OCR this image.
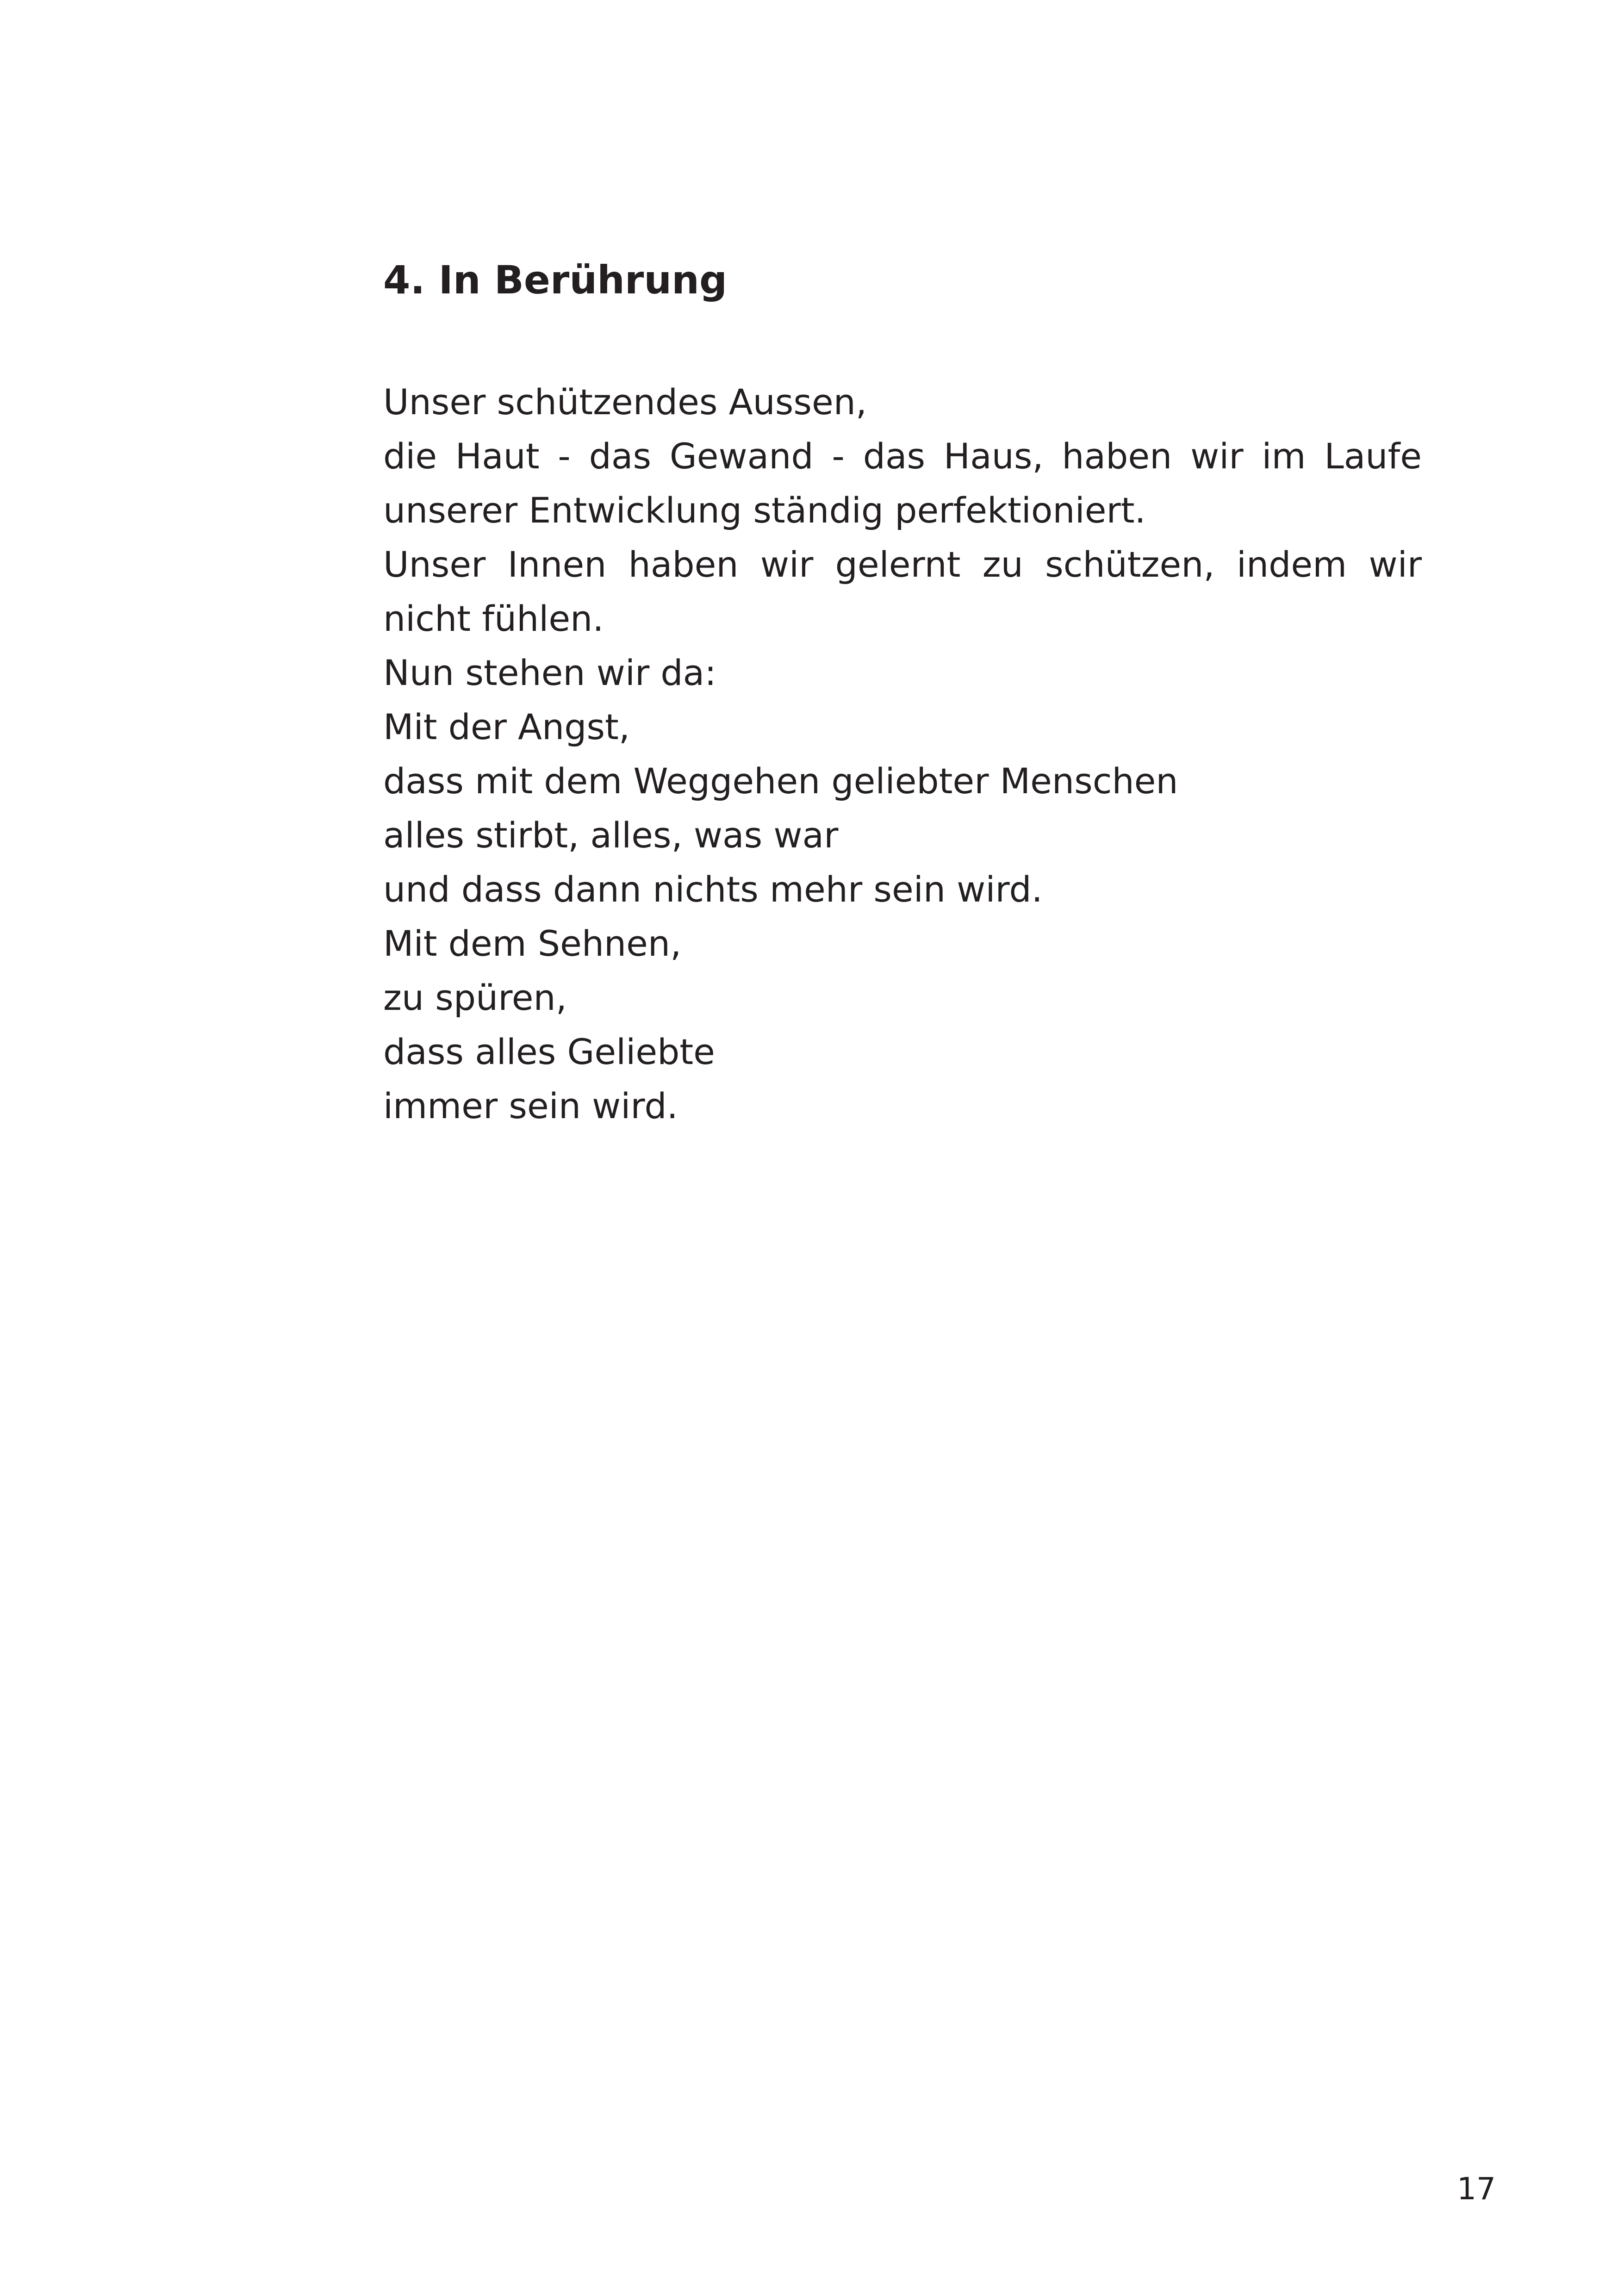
4. In Berührung
Unser schützendes Aussen,
die Haut - das Gewand - das Haus, haben wir im Laufe
unserer Entwicklung ständig perfektioniert.
Unser Innen haben wir gelernt zu schützen, indem wir
nicht fühlen.
Nun stehen wir da:
Mit der Angst,
dass mit dem Weggehen geliebter Menschen
alles stirbt, alles, was war
und dass dann nichts mehr sein wird.
Mit dem Sehnen,
zu spüren,
dass alles Geliebte
immer sein wird.
17
